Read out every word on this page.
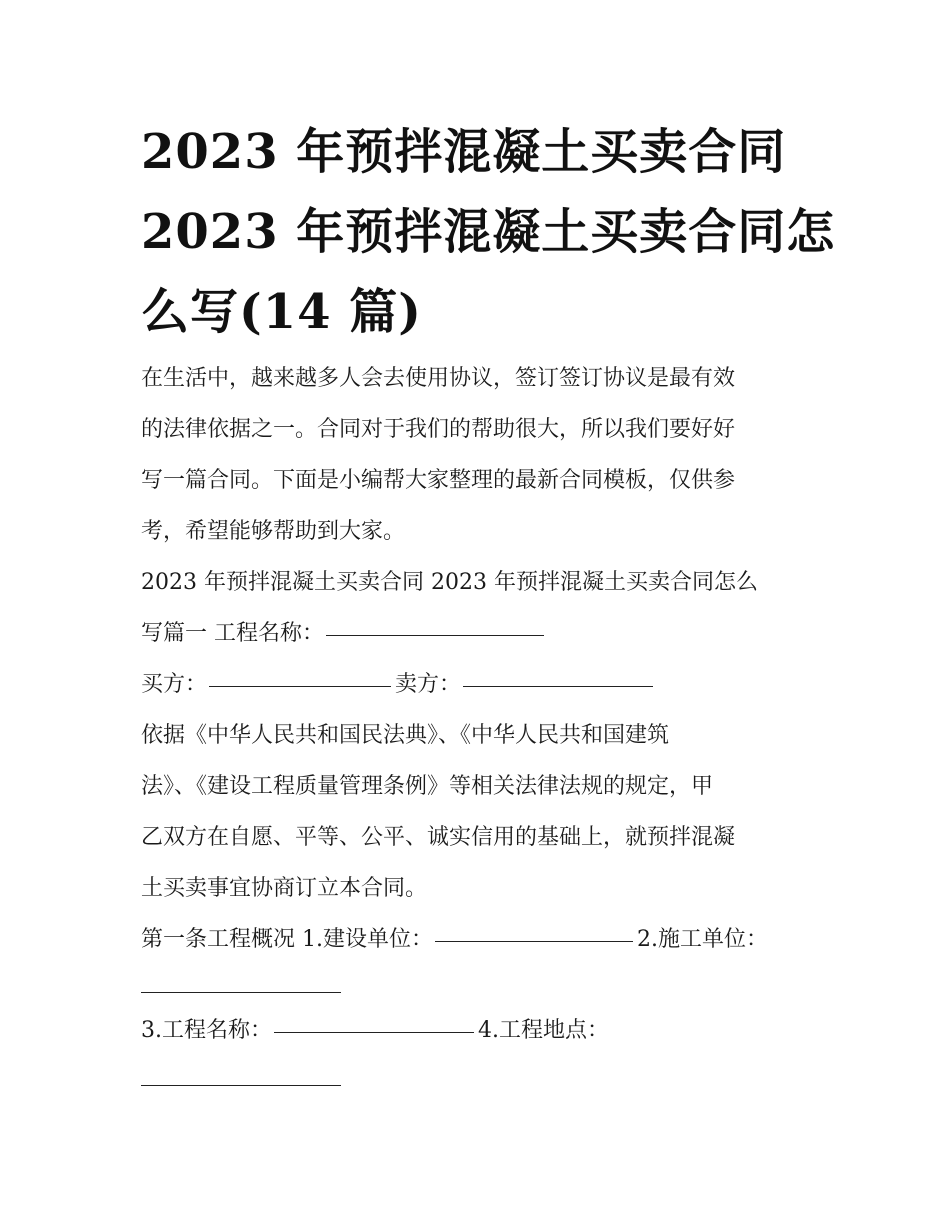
2023 年预拌混凝土买卖合同
2023 年预拌混凝土买卖合同怎
么写(14 篇)
在生活中，越来越多人会去使用协议，签订签订协议是最有效
的法律依据之一。合同对于我们的帮助很大，所以我们要好好
写一篇合同。下面是小编帮大家整理的最新合同模板，仅供参
考，希望能够帮助到大家。
2023 年预拌混凝土买卖合同 2023 年预拌混凝土买卖合同怎么
写篇一 工程名称：
买方：	卖方：
依据《中华人民共和国民法典》、《中华人民共和国建筑
法》、《建设工程质量管理条例》等相关法律法规的规定，甲
乙双方在自愿、平等、公平、诚实信用的基础上，就预拌混凝
土买卖事宜协商订立本合同。
第一条工程概况 1.建设单位：	2.施工单位：
3.工程名称：	4.工程地点：
